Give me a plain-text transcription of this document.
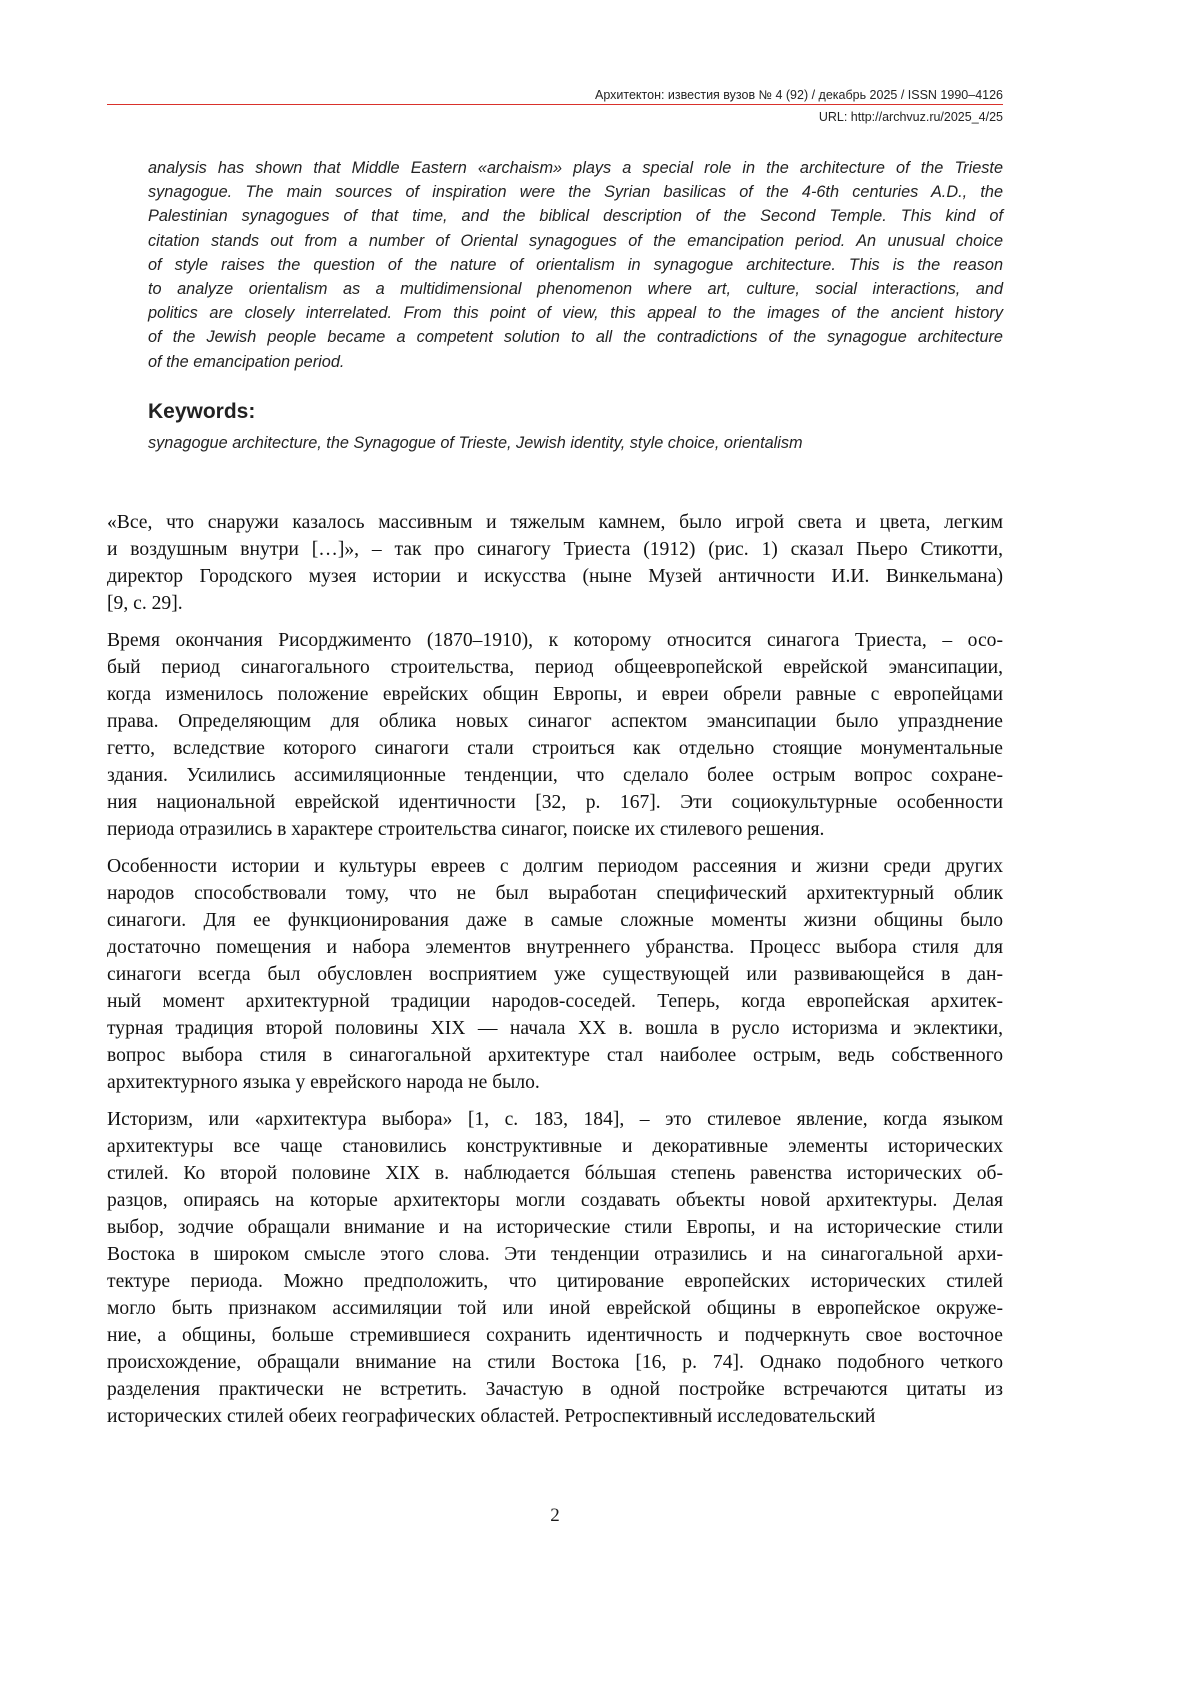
Архитектон: известия вузов № 4 (92) / декабрь 2025 / ISSN 1990–4126
URL: http://archvuz.ru/2025_4/25
analysis has shown that Middle Eastern «archaism» plays a special role in the architecture of the Trieste
synagogue. The main sources of inspiration were the Syrian basilicas of the 4-6th centuries A.D., the
Palestinian synagogues of that time, and the biblical description of the Second Temple. This kind of
citation stands out from a number of Oriental synagogues of the emancipation period. An unusual choice
of style raises the question of the nature of orientalism in synagogue architecture. This is the reason
to analyze orientalism as a multidimensional phenomenon where art, culture, social interactions, and
politics are closely interrelated. From this point of view, this appeal to the images of the ancient history
of the Jewish people became a competent solution to all the contradictions of the synagogue architecture
of the emancipation period.
Keywords:
synagogue architecture, the Synagogue of Trieste, Jewish identity, style choice, orientalism
«Все, что снаружи казалось массивным и тяжелым камнем, было игрой света и цвета, легким
и воздушным внутри […]», – так про синагогу Триеста (1912) (рис. 1) сказал Пьеро Стикотти,
директор Городского музея истории и искусства (ныне Музей античности И.И. Винкельмана)
[9, с. 29].
Время окончания Рисорджименто (1870–1910), к которому относится синагога Триеста, – осо-
бый период синагогального строительства, период общеевропейской еврейской эмансипации,
когда изменилось положение еврейских общин Европы, и евреи обрели равные с европейцами
права. Определяющим для облика новых синагог аспектом эмансипации было упразднение
гетто, вследствие которого синагоги стали строиться как отдельно стоящие монументальные
здания. Усилились ассимиляционные тенденции, что сделало более острым вопрос сохране-
ния национальной еврейской идентичности [32, p. 167]. Эти социокультурные особенности
периода отразились в характере строительства синагог, поиске их стилевого решения.
Особенности истории и культуры евреев с долгим периодом рассеяния и жизни среди других
народов способствовали тому, что не был выработан специфический архитектурный облик
синагоги. Для ее функционирования даже в самые сложные моменты жизни общины было
достаточно помещения и набора элементов внутреннего убранства. Процесс выбора стиля для
синагоги всегда был обусловлен восприятием уже существующей или развивающейся в дан-
ный момент архитектурной традиции народов-соседей. Теперь, когда европейская архитек-
турная традиция второй половины XIX — начала XX в. вошла в русло историзма и эклектики,
вопрос выбора стиля в синагогальной архитектуре стал наиболее острым, ведь собственного
архитектурного языка у еврейского народа не было.
Историзм, или «архитектура выбора» [1, с. 183, 184], – это стилевое явление, когда языком
архитектуры все чаще становились конструктивные и декоративные элементы исторических
стилей. Ко второй половине XIX в. наблюдается бóльшая степень равенства исторических об-
разцов, опираясь на которые архитекторы могли создавать объекты новой архитектуры. Делая
выбор, зодчие обращали внимание и на исторические стили Европы, и на исторические стили
Востока в широком смысле этого слова. Эти тенденции отразились и на синагогальной архи-
тектуре периода. Можно предположить, что цитирование европейских исторических стилей
могло быть признаком ассимиляции той или иной еврейской общины в европейское окруже-
ние, а общины, больше стремившиеся сохранить идентичность и подчеркнуть свое восточное
происхождение, обращали внимание на стили Востока [16, p. 74]. Однако подобного четкого
разделения практически не встретить. Зачастую в одной постройке встречаются цитаты из
исторических стилей обеих географических областей. Ретроспективный исследовательский
2
